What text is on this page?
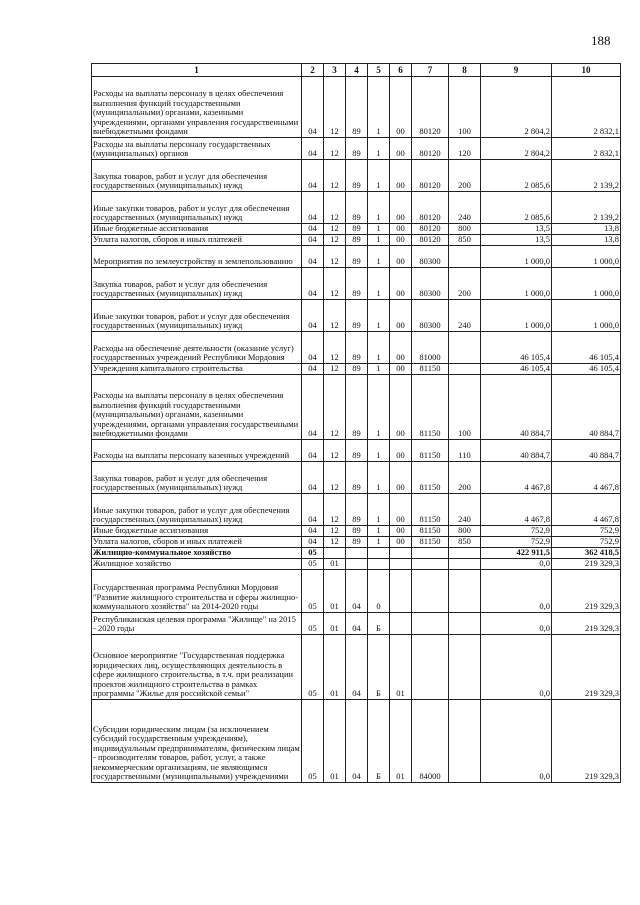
188
1	2	3	4	5	6	7	8	9	10
Расходы на выплаты персоналу в целях обеспечения выполнения функций государственными (муниципальными) органами, казенными учреждениями, органами управления государственными внебюджетными фондами	04	12	89	1	00	80120	100	2 804,2	2 832,1
Расходы на выплаты персоналу государственных (муниципальных) органов	04	12	89	1	00	80120	120	2 804,2	2 832,1
Закупка товаров, работ и услуг для обеспечения государственных (муниципальных) нужд	04	12	89	1	00	80120	200	2 085,6	2 139,2
Иные закупки товаров, работ и услуг для обеспечения государственных (муниципальных) нужд	04	12	89	1	00	80120	240	2 085,6	2 139,2
Иные бюджетные ассигнования	04	12	89	1	00	80120	800	13,5	13,8
Уплата налогов, сборов и иных платежей	04	12	89	1	00	80120	850	13,5	13,8
Мероприятия по землеустройству и землепользованию	04	12	89	1	00	80300		1 000,0	1 000,0
Закупка товаров, работ и услуг для обеспечения государственных (муниципальных) нужд	04	12	89	1	00	80300	200	1 000,0	1 000,0
Иные закупки товаров, работ и услуг для обеспечения государственных (муниципальных) нужд	04	12	89	1	00	80300	240	1 000,0	1 000,0
Расходы на обеспечение деятельности (оказание услуг) государственных учреждений Республики Мордовия	04	12	89	1	00	81000		46 105,4	46 105,4
Учреждения капитального строительства	04	12	89	1	00	81150		46 105,4	46 105,4
Расходы на выплаты персоналу в целях обеспечения выполнения функций государственными (муниципальными) органами, казенными учреждениями, органами управления государственными внебюджетными фондами	04	12	89	1	00	81150	100	40 884,7	40 884,7
Расходы на выплаты персоналу казенных учреждений	04	12	89	1	00	81150	110	40 884,7	40 884,7
Закупка товаров, работ и услуг для обеспечения государственных (муниципальных) нужд	04	12	89	1	00	81150	200	4 467,8	4 467,8
Иные закупки товаров, работ и услуг для обеспечения государственных (муниципальных) нужд	04	12	89	1	00	81150	240	4 467,8	4 467,8
Иные бюджетные ассигнования	04	12	89	1	00	81150	800	752,9	752,9
Уплата налогов, сборов и иных платежей	04	12	89	1	00	81150	850	752,9	752,9
Жилищно-коммунальное хозяйство	05							422 911,5	362 418,5
Жилищное хозяйство	05	01						0,0	219 329,3
Государственная программа Республики Мордовия "Развитие жилищного строительства и сферы жилищно-коммунального хозяйства" на 2014-2020 годы	05	01	04	0				0,0	219 329,3
Республиканская целевая программа "Жилище" на 2015 - 2020 годы	05	01	04	Б				0,0	219 329,3
Основное мероприятие "Государственная поддержка юридических лиц, осуществляющих деятельность в сфере жилищного строительства, в т.ч. при реализации проектов жилищного строительства в рамках программы "Жилье для российской семьи"	05	01	04	Б	01			0,0	219 329,3
Субсидии юридическим лицам (за исключением субсидий государственным учреждениям), индивидуальным предпринимателям, физическим лицам - производителям товаров, работ, услуг, а также некоммерческим организациям, не являющимся государственными (муниципальными) учреждениями	05	01	04	Б	01	84000		0,0	219 329,3
